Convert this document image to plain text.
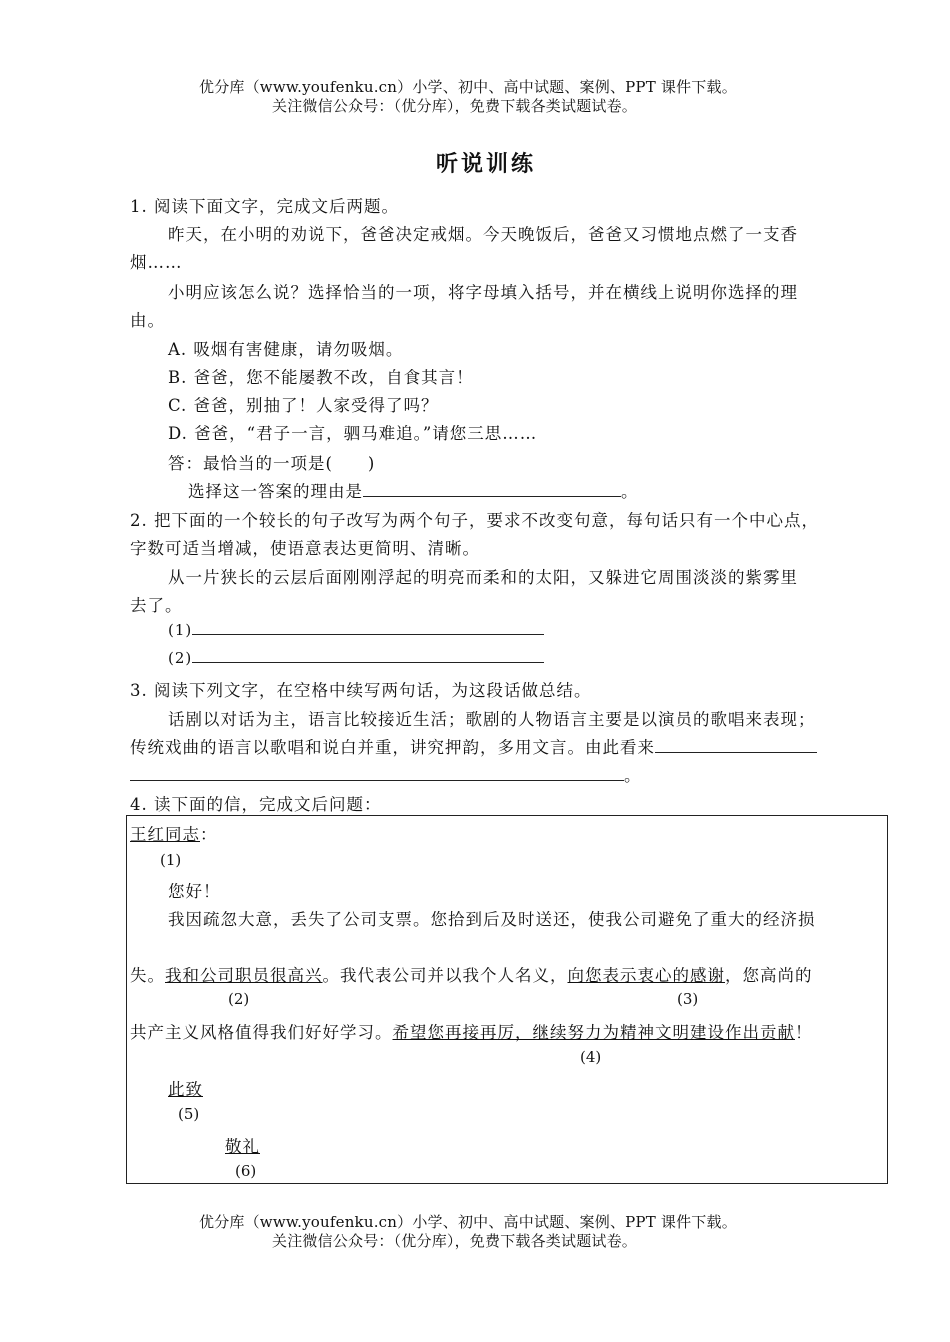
优分库（www.youfenku.cn）小学、初中、高中试题、案例、PPT 课件下载。
关注微信公众号：（优分库），免费下载各类试题试卷。
听说训练
1. 阅读下面文字，完成文后两题。
昨天，在小明的劝说下，爸爸决定戒烟。今天晚饭后，爸爸又习惯地点燃了一支香
烟……
小明应该怎么说？选择恰当的一项，将字母填入括号，并在横线上说明你选择的理
由。
A. 吸烟有害健康，请勿吸烟。
B. 爸爸，您不能屡教不改，自食其言！
C. 爸爸，别抽了！人家受得了吗？
D. 爸爸，“君子一言，驷马难追。”请您三思……
答：最恰当的一项是(　　)
选择这一答案的理由是	。
2. 把下面的一个较长的句子改写为两个句子，要求不改变句意，每句话只有一个中心点，
字数可适当增减，使语意表达更简明、清晰。
从一片狭长的云层后面刚刚浮起的明亮而柔和的太阳，又躲进它周围淡淡的紫雾里
去了。
(1)
(2)
3. 阅读下列文字，在空格中续写两句话，为这段话做总结。
话剧以对话为主，语言比较接近生活；歌剧的人物语言主要是以演员的歌唱来表现；
传统戏曲的语言以歌唱和说白并重，讲究押韵，多用文言。由此看来
。
4. 读下面的信，完成文后问题：
王红同志：
(1)
您好！
我因疏忽大意，丢失了公司支票。您拾到后及时送还，使我公司避免了重大的经济损
失。我和公司职员很高兴。我代表公司并以我个人名义，向您表示衷心的感谢，您高尚的
(2)	(3)
共产主义风格值得我们好好学习。希望您再接再厉，继续努力为精神文明建设作出贡献！
(4)
此致
(5)
敬礼
(6)
优分库（www.youfenku.cn）小学、初中、高中试题、案例、PPT 课件下载。
关注微信公众号：（优分库），免费下载各类试题试卷。
